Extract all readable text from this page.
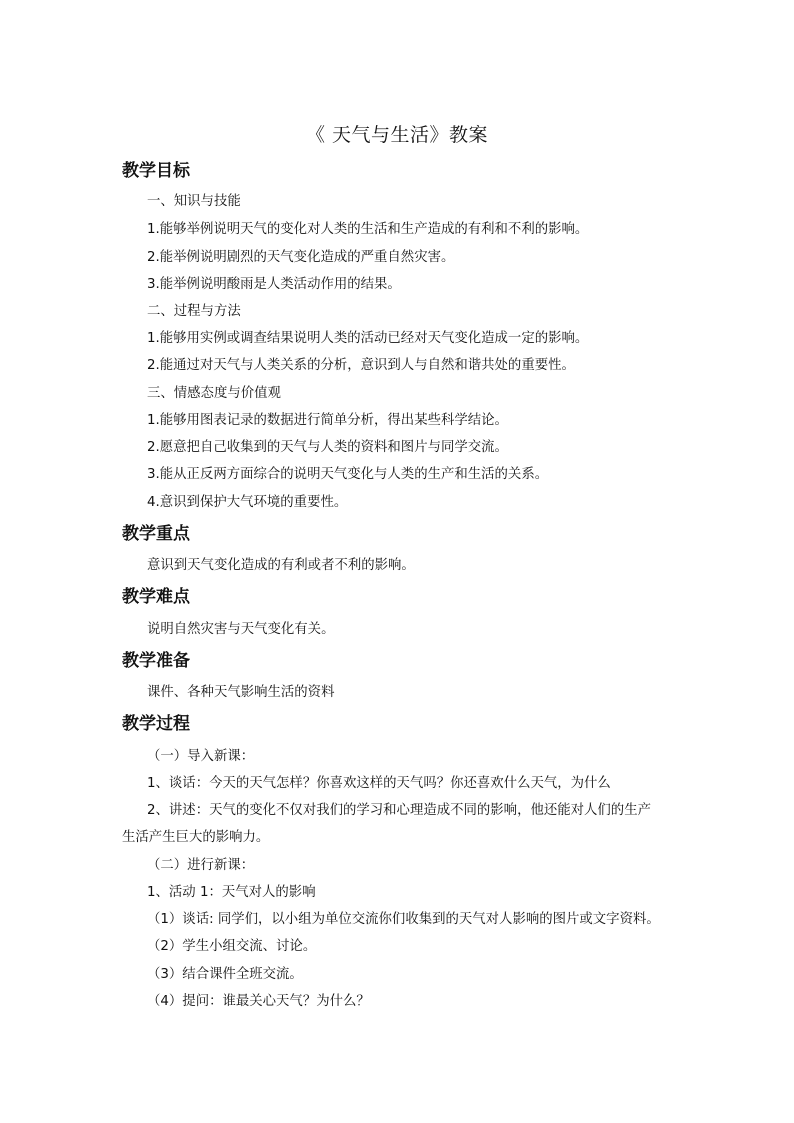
《 天气与生活》教案
教学目标
一、知识与技能
1.能够举例说明天气的变化对人类的生活和生产造成的有利和不利的影响。
2.能举例说明剧烈的天气变化造成的严重自然灾害。
3.能举例说明酸雨是人类活动作用的结果。
二、过程与方法
1.能够用实例或调查结果说明人类的活动已经对天气变化造成一定的影响。
2.能通过对天气与人类关系的分析，意识到人与自然和谐共处的重要性。
三、情感态度与价值观
1.能够用图表记录的数据进行简单分析，得出某些科学结论。
2.愿意把自己收集到的天气与人类的资料和图片与同学交流。
3.能从正反两方面综合的说明天气变化与人类的生产和生活的关系。
4.意识到保护大气环境的重要性。
教学重点
意识到天气变化造成的有利或者不利的影响。
教学难点
说明自然灾害与天气变化有关。
教学准备
课件、各种天气影响生活的资料
教学过程
（一）导入新课：
1、谈话：今天的天气怎样？你喜欢这样的天气吗？你还喜欢什么天气，为什么
2、讲述：天气的变化不仅对我们的学习和心理造成不同的影响，他还能对人们的生产
生活产生巨大的影响力。
（二）进行新课：
1、活动 1：天气对人的影响
（1）谈话: 同学们，以小组为单位交流你们收集到的天气对人影响的图片或文字资料。
（2）学生小组交流、讨论。
（3）结合课件全班交流。
（4）提问：谁最关心天气？为什么？
